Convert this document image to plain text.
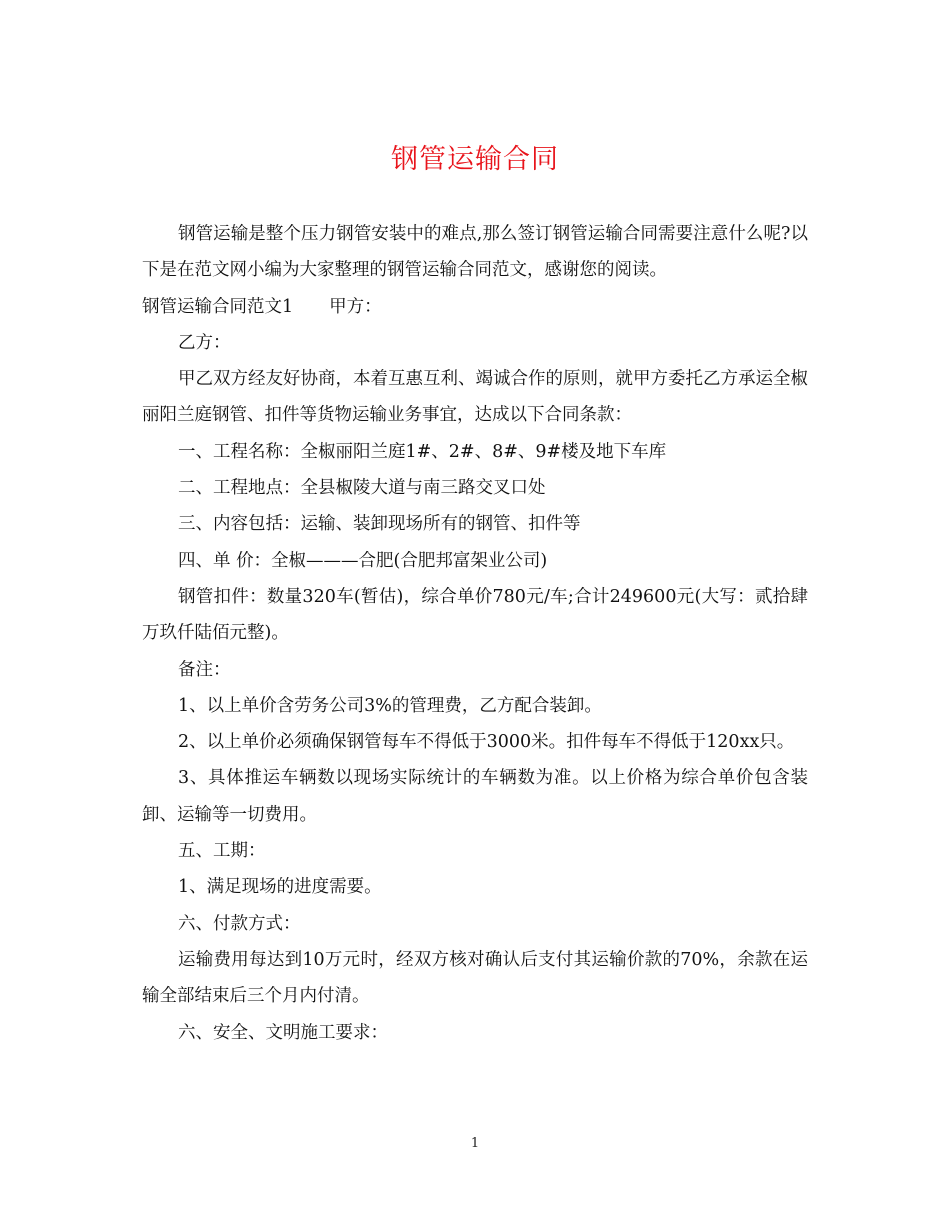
钢管运输合同

钢管运输是整个压力钢管安装中的难点,那么签订钢管运输合同需要注意什么呢?以下是在范文网小编为大家整理的钢管运输合同范文，感谢您的阅读。

钢管运输合同范文1 甲方：

乙方：

甲乙双方经友好协商，本着互惠互利、竭诚合作的原则，就甲方委托乙方承运全椒丽阳兰庭钢管、扣件等货物运输业务事宜，达成以下合同条款：

一、工程名称：全椒丽阳兰庭1#、2#、8#、9#楼及地下车库

二、工程地点：全县椒陵大道与南三路交叉口处

三、内容包括：运输、装卸现场所有的钢管、扣件等

四、单 价：全椒———合肥(合肥邦富架业公司)

钢管扣件：数量320车(暂估)，综合单价780元/车;合计249600元(大写：贰拾肆万玖仟陆佰元整)。

备注：

1、以上单价含劳务公司3%的管理费，乙方配合装卸。

2、以上单价必须确保钢管每车不得低于3000米。扣件每车不得低于120xx只。

3、具体推运车辆数以现场实际统计的车辆数为准。以上价格为综合单价包含装卸、运输等一切费用。

五、工期：

1、满足现场的进度需要。

六、付款方式：

运输费用每达到10万元时，经双方核对确认后支付其运输价款的70%，余款在运输全部结束后三个月内付清。

六、安全、文明施工要求：

1
